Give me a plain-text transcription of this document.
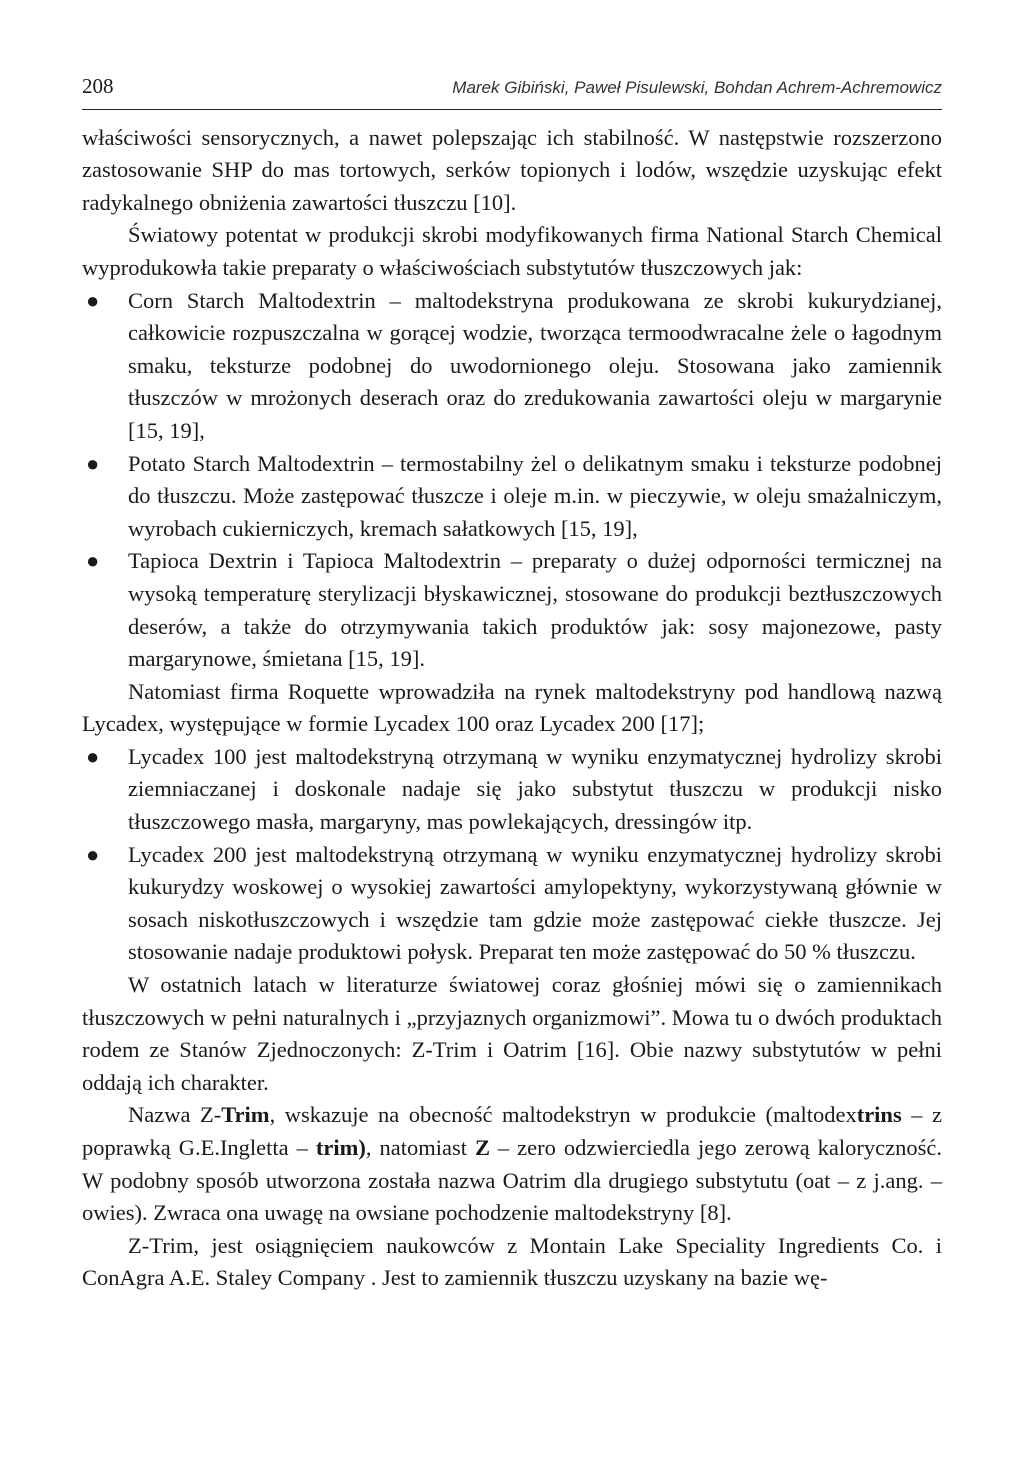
208	Marek Gibiński, Paweł Pisulewski, Bohdan Achrem-Achremowicz

właściwości sensorycznych, a nawet polepszając ich stabilność. W następstwie rozszerzono zastosowanie SHP do mas tortowych, serków topionych i lodów, wszędzie uzyskując efekt radykalnego obniżenia zawartości tłuszczu [10].

Światowy potentat w produkcji skrobi modyfikowanych firma National Starch Chemical wyprodukowła takie preparaty o właściwościach substytutów tłuszczowych jak:

● Corn Starch Maltodextrin – maltodekstryna produkowana ze skrobi kukurydzianej, całkowicie rozpuszczalna w gorącej wodzie, tworząca termoodwracalne żele o łagodnym smaku, teksturze podobnej do uwodornionego oleju. Stosowana jako zamiennik tłuszczów w mrożonych deserach oraz do zredukowania zawartości oleju w margarynie [15, 19],
● Potato Starch Maltodextrin – termostabilny żel o delikatnym smaku i teksturze podobnej do tłuszczu. Może zastępować tłuszcze i oleje m.in. w pieczywie, w oleju smażalniczym, wyrobach cukierniczych, kremach sałatkowych [15, 19],
● Tapioca Dextrin i Tapioca Maltodextrin – preparaty o dużej odporności termicznej na wysoką temperaturę sterylizacji błyskawicznej, stosowane do produkcji beztłuszczowych deserów, a także do otrzymywania takich produktów jak: sosy majonezowe, pasty margarynowe, śmietana [15, 19].

Natomiast firma Roquette wprowadziła na rynek maltodekstryny pod handlową nazwą Lycadex, występujące w formie Lycadex 100 oraz Lycadex 200 [17];

● Lycadex 100 jest maltodekstryną otrzymaną w wyniku enzymatycznej hydrolizy skrobi ziemniaczanej i doskonale nadaje się jako substytut tłuszczu w produkcji nisko tłuszczowego masła, margaryny, mas powlekających, dressingów itp.
● Lycadex 200 jest maltodekstryną otrzymaną w wyniku enzymatycznej hydrolizy skrobi kukurydzy woskowej o wysokiej zawartości amylopektyny, wykorzystywaną głównie w sosach niskotłuszczowych i wszędzie tam gdzie może zastępować ciekłe tłuszcze. Jej stosowanie nadaje produktowi połysk. Preparat ten może zastępować do 50 % tłuszczu.

W ostatnich latach w literaturze światowej coraz głośniej mówi się o zamiennikach tłuszczowych w pełni naturalnych i „przyjaznych organizmowi”. Mowa tu o dwóch produktach rodem ze Stanów Zjednoczonych: Z-Trim i Oatrim [16]. Obie nazwy substytutów w pełni oddają ich charakter.

Nazwa Z-Trim, wskazuje na obecność maltodekstryn w produkcie (maltodextrins – z poprawką G.E.Ingletta – trim), natomiast Z – zero odzwierciedla jego zerową kaloryczność. W podobny sposób utworzona została nazwa Oatrim dla drugiego substytutu (oat – z j.ang. – owies). Zwraca ona uwagę na owsiane pochodzenie maltodekstryny [8].

Z-Trim, jest osiągnięciem naukowców z Montain Lake Speciality Ingredients Co. i ConAgra A.E. Staley Company . Jest to zamiennik tłuszczu uzyskany na bazie wę-
